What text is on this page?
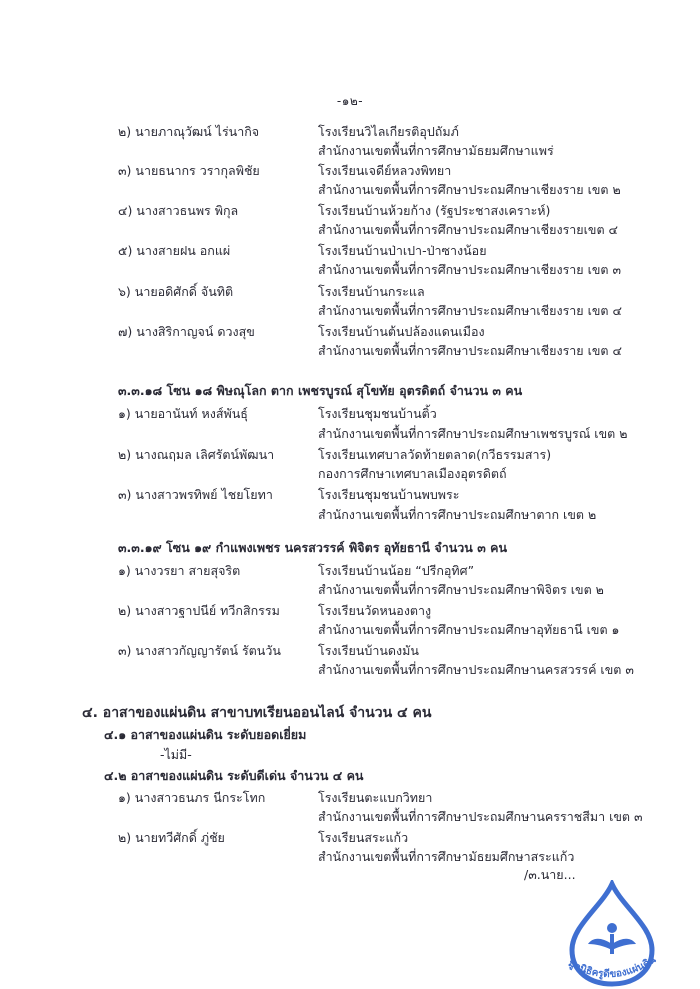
-๑๒-
๒) นายภาณุวัฒน์ ไร่นากิจ	โรงเรียนวิไลเกียรติอุปถัมภ์
สำนักงานเขตพื้นที่การศึกษามัธยมศึกษาแพร่
๓) นายธนากร วรากุลพิชัย	โรงเรียนเจดีย์หลวงพิทยา
สำนักงานเขตพื้นที่การศึกษาประถมศึกษาเชียงราย เขต ๒
๔) นางสาวธนพร พิกุล	โรงเรียนบ้านห้วยก้าง (รัฐประชาสงเคราะห์)
สำนักงานเขตพื้นที่การศึกษาประถมศึกษาเชียงรายเขต ๔
๕) นางสายฝน อกแผ่	โรงเรียนบ้านป่าเปา-ป่าซางน้อย
สำนักงานเขตพื้นที่การศึกษาประถมศึกษาเชียงราย เขต ๓
๖) นายอดิศักดิ์ จันทิติ	โรงเรียนบ้านกระแล
สำนักงานเขตพื้นที่การศึกษาประถมศึกษาเชียงราย เขต ๔
๗) นางสิริกาญจน์ ดวงสุข	โรงเรียนบ้านต้นปล้องแดนเมือง
สำนักงานเขตพื้นที่การศึกษาประถมศึกษาเชียงราย เขต ๔
๓.๓.๑๘ โซน ๑๘ พิษณุโลก ตาก เพชรบูรณ์ สุโขทัย อุตรดิตถ์ จำนวน ๓ คน
๑) นายอานันท์ หงส์พันธุ์	โรงเรียนชุมชนบ้านติ้ว
สำนักงานเขตพื้นที่การศึกษาประถมศึกษาเพชรบูรณ์ เขต ๒
๒) นางณฤมล เลิศรัตน์พัฒนา	โรงเรียนเทศบาลวัดท้ายตลาด(กวีธรรมสาร)
กองการศึกษาเทศบาลเมืองอุตรดิตถ์
๓) นางสาวพรทิพย์ ไชยโยทา	โรงเรียนชุมชนบ้านพบพระ
สำนักงานเขตพื้นที่การศึกษาประถมศึกษาตาก เขต ๒
๓.๓.๑๙ โซน ๑๙ กำแพงเพชร นครสวรรค์ พิจิตร อุทัยธานี จำนวน ๓ คน
๑) นางวรยา สายสุจริต	โรงเรียนบ้านน้อย “ปรีกอุทิศ”
สำนักงานเขตพื้นที่การศึกษาประถมศึกษาพิจิตร เขต ๒
๒) นางสาวฐาปนีย์ ทวีกสิกรรม	โรงเรียนวัดหนองตางู
สำนักงานเขตพื้นที่การศึกษาประถมศึกษาอุทัยธานี เขต ๑
๓) นางสาวกัญญารัตน์ รัตนวัน	โรงเรียนบ้านดงมัน
สำนักงานเขตพื้นที่การศึกษาประถมศึกษานครสวรรค์ เขต ๓
๔. อาสาของแผ่นดิน สาขาบทเรียนออนไลน์ จำนวน ๔ คน
๔.๑ อาสาของแผ่นดิน ระดับยอดเยี่ยม
-ไม่มี-
๔.๒ อาสาของแผ่นดิน ระดับดีเด่น จำนวน ๔ คน
๑) นางสาวธนภร นีกระโทก	โรงเรียนตะแบกวิทยา
สำนักงานเขตพื้นที่การศึกษาประถมศึกษานครราชสีมา เขต ๓
๒) นายทวีศักดิ์ ภู่ชัย	โรงเรียนสระแก้ว
สำนักงานเขตพื้นที่การศึกษามัธยมศึกษาสระแก้ว
/๓.นาย...
มูลนิธิครูดีของแผ่นดิน
